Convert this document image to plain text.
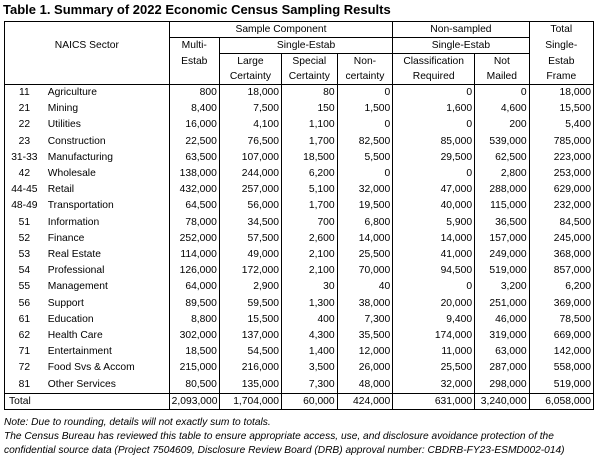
Table 1. Summary of 2022 Economic Census Sampling Results
NAICS Sector		Sample Component				Non-sampled		Total
		Multi-	Single-Estab			Single-Estab		Single-
		Estab	Large	Special	Non-	Classification	Not	Estab
			Certainty	Certainty	certainty	Required	Mailed	Frame
11	Agriculture	800	18,000	80	0	0	0	18,000
21	Mining	8,400	7,500	150	1,500	1,600	4,600	15,500
22	Utilities	16,000	4,100	1,100	0	0	200	5,400
23	Construction	22,500	76,500	1,700	82,500	85,000	539,000	785,000
31-33	Manufacturing	63,500	107,000	18,500	5,500	29,500	62,500	223,000
42	Wholesale	138,000	244,000	6,200	0	0	2,800	253,000
44-45	Retail	432,000	257,000	5,100	32,000	47,000	288,000	629,000
48-49	Transportation	64,500	56,000	1,700	19,500	40,000	115,000	232,000
51	Information	78,000	34,500	700	6,800	5,900	36,500	84,500
52	Finance	252,000	57,500	2,600	14,000	14,000	157,000	245,000
53	Real Estate	114,000	49,000	2,100	25,500	41,000	249,000	368,000
54	Professional	126,000	172,000	2,100	70,000	94,500	519,000	857,000
55	Management	64,000	2,900	30	40	0	3,200	6,200
56	Support	89,500	59,500	1,300	38,000	20,000	251,000	369,000
61	Education	8,800	15,500	400	7,300	9,400	46,000	78,500
62	Health Care	302,000	137,000	4,300	35,500	174,000	319,000	669,000
71	Entertainment	18,500	54,500	1,400	12,000	11,000	63,000	142,000
72	Food Svs & Accom	215,000	216,000	3,500	26,000	25,500	287,000	558,000
81	Other Services	80,500	135,000	7,300	48,000	32,000	298,000	519,000
Total		2,093,000	1,704,000	60,000	424,000	631,000	3,240,000	6,058,000
Note: Due to rounding, details will not exactly sum to totals.
The Census Bureau has reviewed this table to ensure appropriate access, use, and disclosure avoidance protection of the
confidential source data (Project 7504609, Disclosure Review Board (DRB) approval number: CBDRB-FY23-ESMD002-014)
